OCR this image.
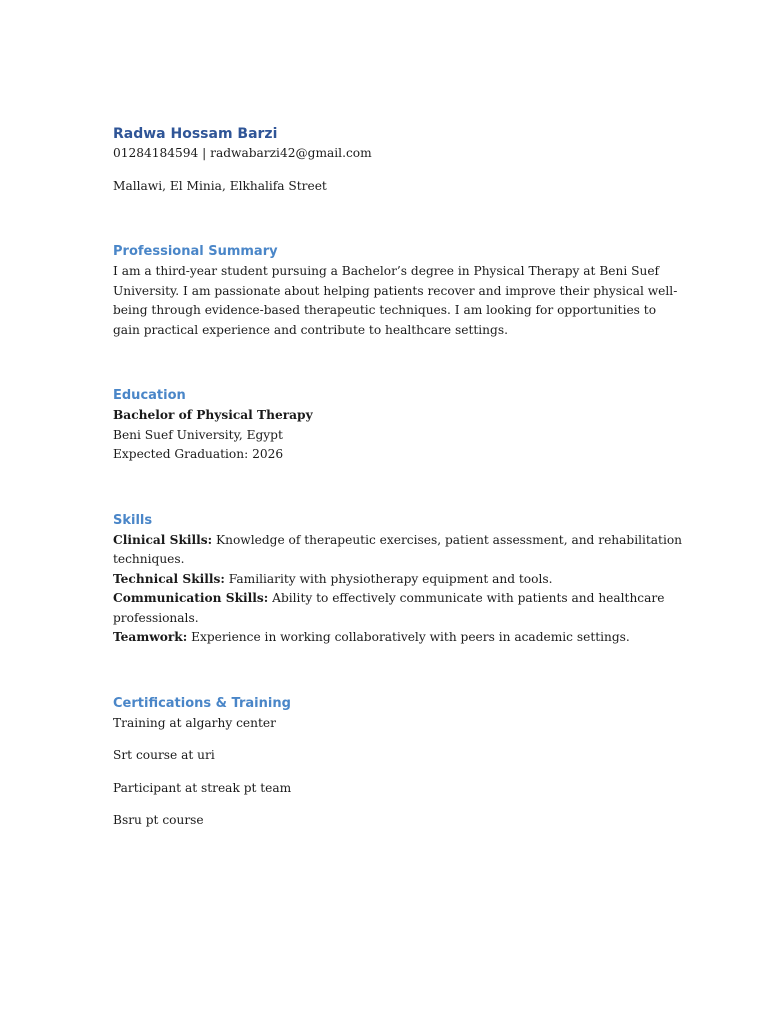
Radwa Hossam Barzi

01284184594 | radwabarzi42@gmail.com

Mallawi, El Minia, Elkhalifa Street

Professional Summary

I am a third-year student pursuing a Bachelor’s degree in Physical Therapy at Beni Suef
University. I am passionate about helping patients recover and improve their physical well-
being through evidence-based therapeutic techniques. I am looking for opportunities to
gain practical experience and contribute to healthcare settings.

Education

Bachelor of Physical Therapy

Beni Suef University, Egypt

Expected Graduation: 2026

Skills

Clinical Skills: Knowledge of therapeutic exercises, patient assessment, and rehabilitation
techniques.
Technical Skills: Familiarity with physiotherapy equipment and tools.
Communication Skills: Ability to effectively communicate with patients and healthcare
professionals.
Teamwork: Experience in working collaboratively with peers in academic settings.

Certifications & Training

Training at algarhy center

Srt course at uri

Participant at streak pt team

Bsru pt course
